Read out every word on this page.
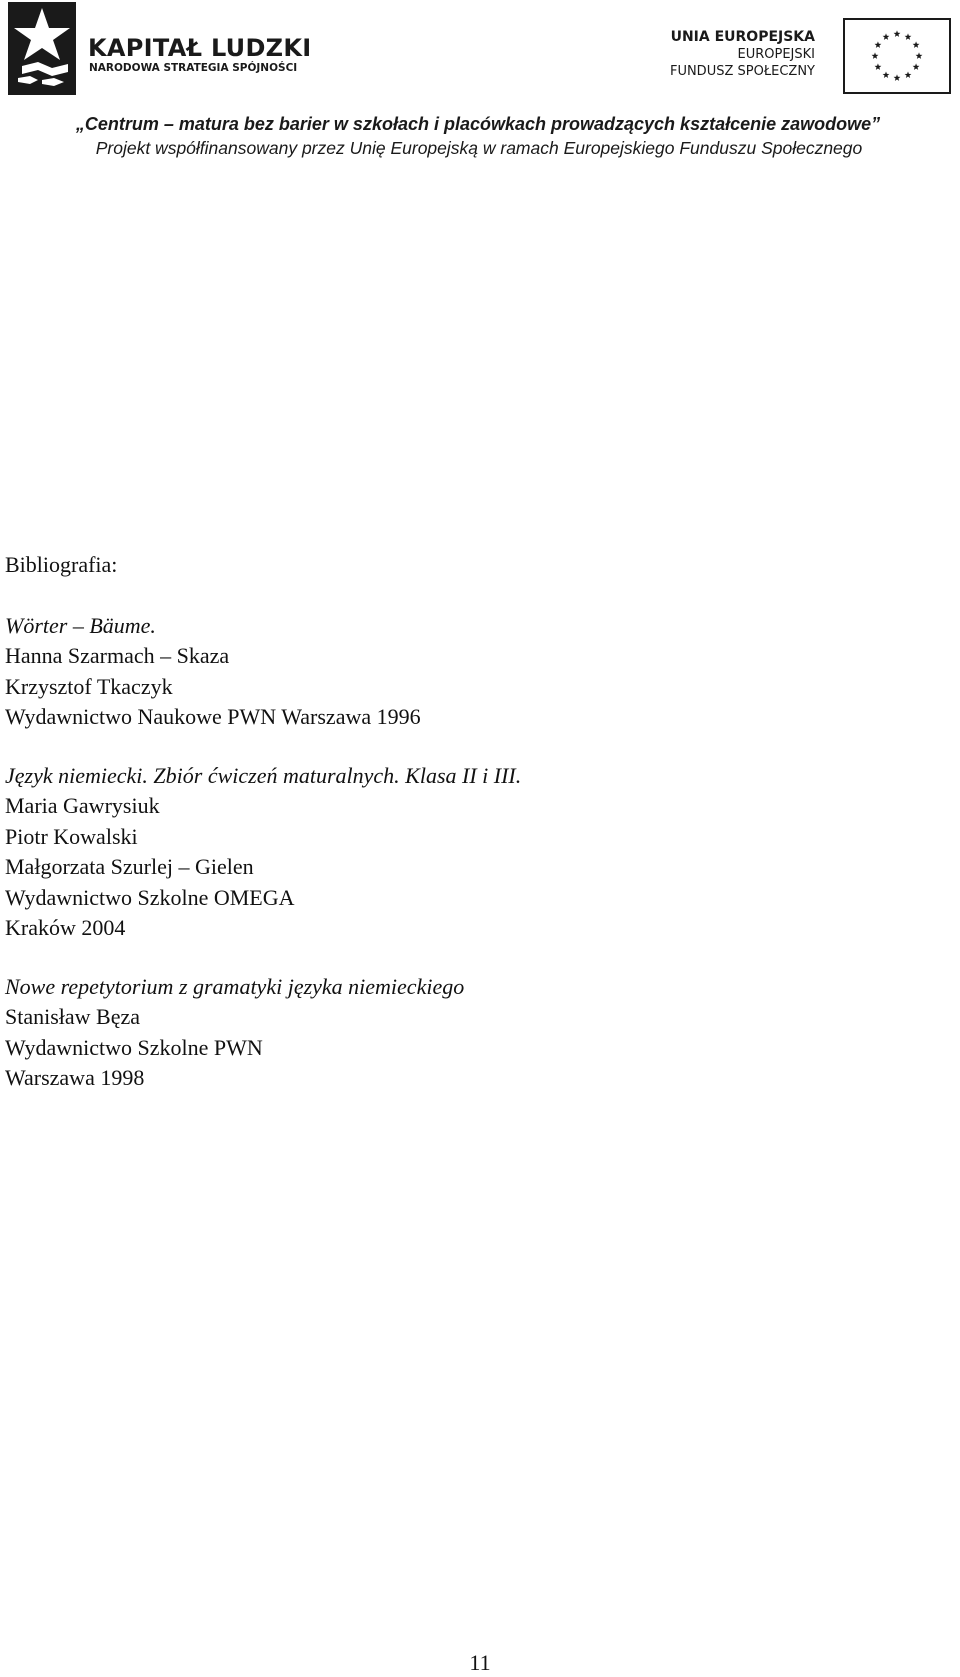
KAPITAŁ LUDZKI
NARODOWA STRATEGIA SPÓJNOŚCI
UNIA EUROPEJSKA
EUROPEJSKI
FUNDUSZ SPOŁECZNY
„Centrum – matura bez barier w szkołach i placówkach prowadzących kształcenie zawodowe”
Projekt współfinansowany przez Unię Europejską w ramach Europejskiego Funduszu Społecznego
Bibliografia:
Wörter – Bäume.
Hanna Szarmach – Skaza
Krzysztof Tkaczyk
Wydawnictwo Naukowe PWN Warszawa 1996
Język niemiecki. Zbiór ćwiczeń maturalnych. Klasa II i III.
Maria Gawrysiuk
Piotr Kowalski
Małgorzata Szurlej – Gielen
Wydawnictwo Szkolne OMEGA
Kraków 2004
Nowe repetytorium z gramatyki języka niemieckiego
Stanisław Bęza
Wydawnictwo Szkolne PWN
Warszawa 1998
11
